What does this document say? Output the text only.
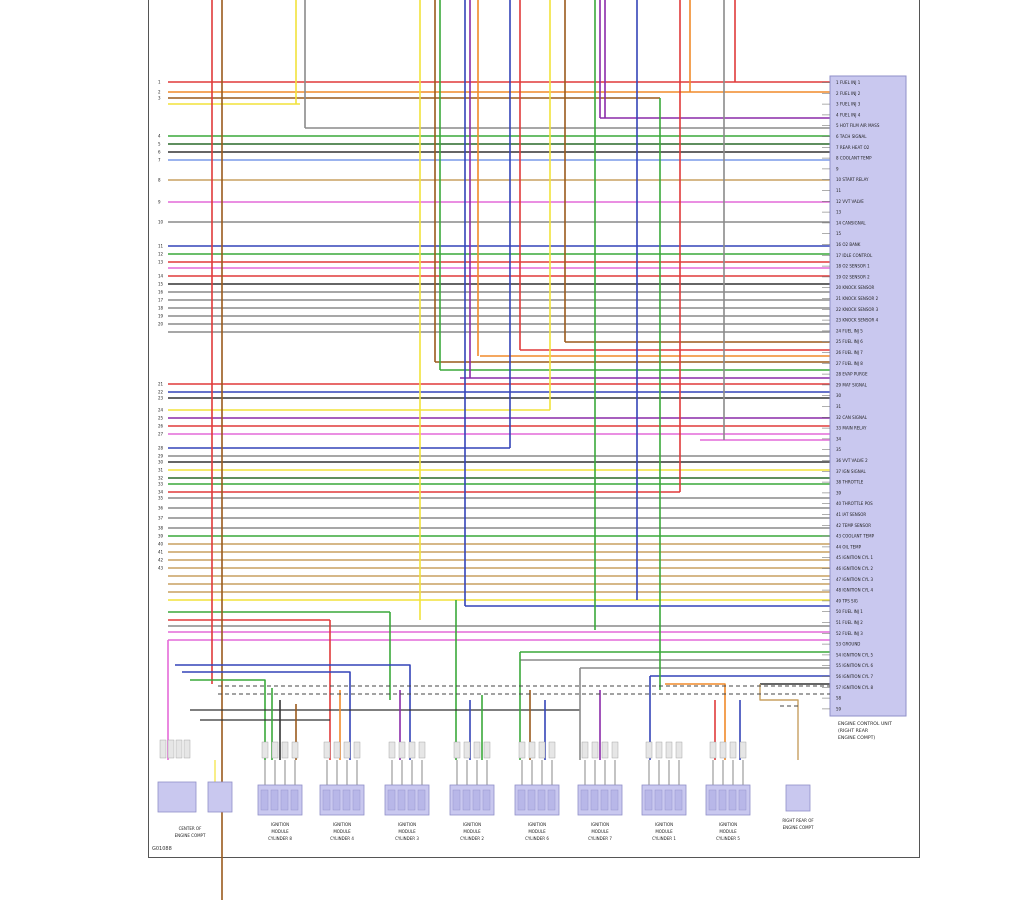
1 FUEL INJ 1
2 FUEL INJ 2
3 FUEL INJ 3
4 FUEL INJ 4
5 HOT FILM AIR MASS
6 TACH SIGNAL
7 REAR HEAT O2
8 COOLANT TEMP
9
10 START RELAY
11
12 VVT VALVE
13
14 CANSIGNAL
15
16 O2 BANK
17 IDLE CONTROL
18 O2 SENSOR 1
19 O2 SENSOR 2
20 KNOCK SENSOR
21 KNOCK SENSOR 2
22 KNOCK SENSOR 3
23 KNOCK SENSOR 4
24 FUEL INJ 5
25 FUEL INJ 6
26 FUEL INJ 7
27 FUEL INJ 8
28 EVAP PURGE
29 MAF SIGNAL
30
31
32 CAN SIGNAL
33 MAIN RELAY
34
35
36 VVT VALVE 2
37 IGN SIGNAL
38 THROTTLE
39
40 THROTTLE POS
41 IAT SENSOR
42 TEMP SENSOR
43 COOLANT TEMP
44 OIL TEMP
45 IGNITION CYL 1
46 IGNITION CYL 2
47 IGNITION CYL 3
48 IGNITION CYL 4
49 TPS SIG
50 FUEL INJ 1
51 FUEL INJ 2
52 FUEL INJ 3
53 GROUND
54 IGNITION CYL 5
55 IGNITION CYL 6
56 IGNITION CYL 7
57 IGNITION CYL 8
58
59
ENGINE CONTROL UNIT
(RIGHT REAR
ENGINE COMPT)
1
2
3
4
5
6
7
8
9
10
11
12
13
14
15
16
17
18
19
20
21
22
23
24
25
26
27
28
29
30
31
32
33
34
35
36
37
38
39
40
41
42
43
IGNITION
MODULE
CYLINDER 8
IGNITION
MODULE
CYLINDER 4
IGNITION
MODULE
CYLINDER 3
IGNITION
MODULE
CYLINDER 2
IGNITION
MODULE
CYLINDER 6
IGNITION
MODULE
CYLINDER 7
IGNITION
MODULE
CYLINDER 1
IGNITION
MODULE
CYLINDER 5
CENTER OF
ENGINE COMPT
RIGHT REAR OF
ENGINE COMPT

G01088
